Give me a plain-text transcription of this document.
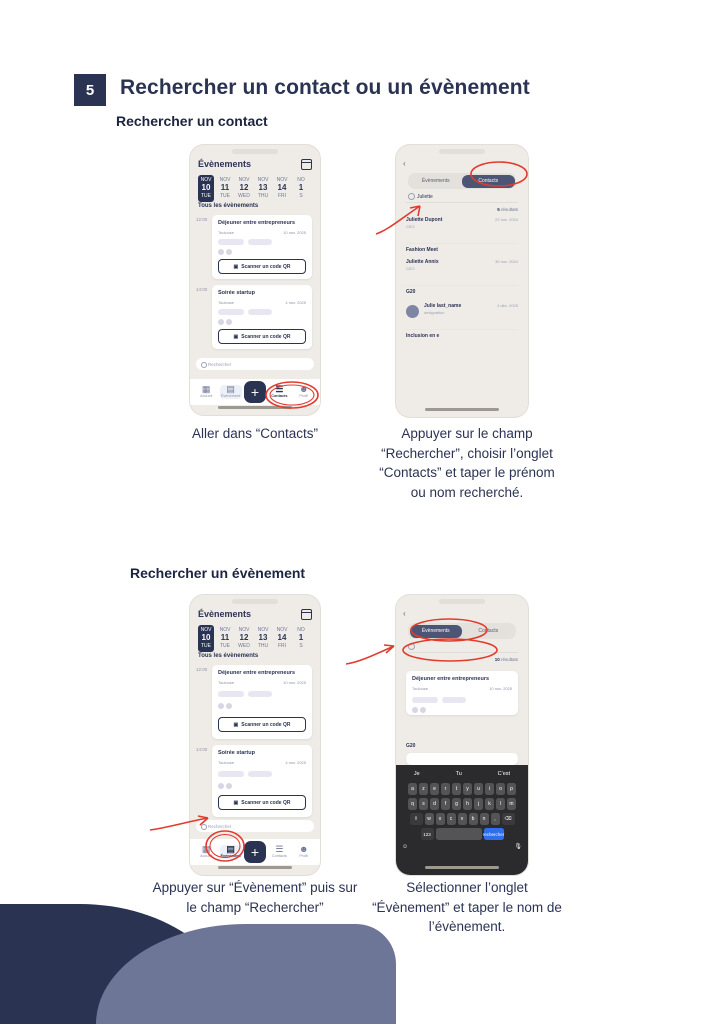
5	Rechercher un contact ou un évènement
Rechercher un contact
Rechercher un évènement
Évènements
NOV
10
TUE
NOV
11
TUE
NOV
12
WED
NOV
13
THU
NOV
14
FRI
NO
1
S
Tous les évènements
12:00
14:00
Déjeuner entre entrepreneurs
Toulouse	10 nov. 2025
▣ Scanner un code QR
Soirée startup
Toulouse	4 nov. 2025
▣ Scanner un code QR
Rechercher
▦
Accueil
▤
Évènement +	☰
Contacts
☻
Profil
‹
Évènements	Contacts
Juliette
5 résultats
Juliette Dupont
CEO
22 nov. 2024
Fashion Meet
Juliette Annix
CEO
30 nov. 2024
G20
Julie last_name
designation
4 déc. 2025
Inclusion en e
Aller dans “Contacts”	Appuyer sur le champ “Rechercher”, choisir l’onglet “Contacts” et taper le prénom ou nom recherché.
Évènements
NOV
10
TUE
NOV
11
TUE
NOV
12
WED
NOV
13
THU
NOV
14
FRI
NO
1
S
Tous les évènements
12:00
14:00
Déjeuner entre entrepreneurs
Toulouse	10 nov. 2025
▣ Scanner un code QR
Soirée startup
Toulouse	4 nov. 2025
▣ Scanner un code QR
Rechercher
▦
Accueil
▤
Évènement +	☰
Contacts
☻
Profil
‹
Évènements	Contacts
10 résultats
Déjeuner entre entrepreneurs
Toulouse	10 nov. 2025
G20
Je	Tu	C'est
a	z	e	r	t	y	u	i	o	p
q	s	d	f	g	h	j	k	l	m
⇧	w	x	c	v	b	n	,	⌫
123	rechercher
☺	🎙
Appuyer sur “Évènement” puis sur le champ “Rechercher”
Sélectionner l’onglet “Évènement” et taper le nom de l’évènement.
